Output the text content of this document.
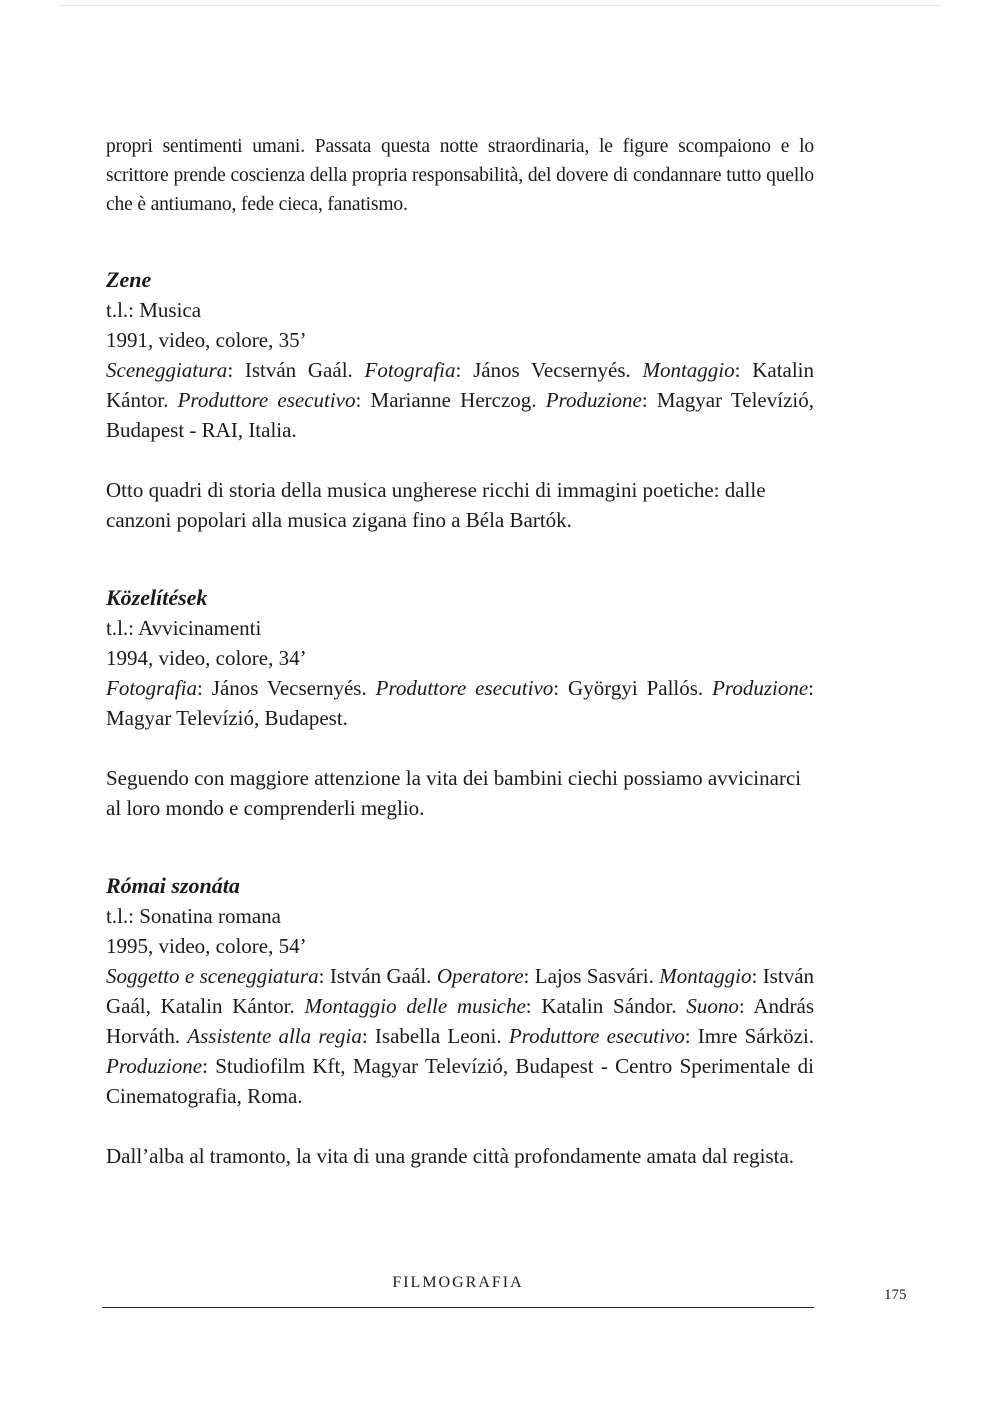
propri sentimenti umani. Passata questa notte straordinaria, le figure scompaiono e lo scrittore prende coscienza della propria responsabilità, del dovere di condannare tutto quello che è antiumano, fede cieca, fanatismo.

Zene
t.l.: Musica
1991, video, colore, 35’

Sceneggiatura: István Gaál. Fotografia: János Vecsernyés. Montaggio: Katalin Kántor. Produttore esecutivo: Marianne Herczog. Produzione: Magyar Televízió, Budapest - RAI, Italia.

Otto quadri di storia della musica ungherese ricchi di immagini poetiche: dalle canzoni popolari alla musica zigana fino a Béla Bartók.

Közelítések
t.l.: Avvicinamenti
1994, video, colore, 34’

Fotografia: János Vecsernyés. Produttore esecutivo: Györgyi Pallós. Produzione: Magyar Televízió, Budapest.

Seguendo con maggiore attenzione la vita dei bambini ciechi possiamo avvicinarci al loro mondo e comprenderli meglio.

Római szonáta
t.l.: Sonatina romana
1995, video, colore, 54’

Soggetto e sceneggiatura: István Gaál. Operatore: Lajos Sasvári. Montaggio: István Gaál, Katalin Kántor. Montaggio delle musiche: Katalin Sándor. Suono: András Horváth. Assistente alla regia: Isabella Leoni. Produttore esecutivo: Imre Sárközi. Produzione: Studiofilm Kft, Magyar Televízió, Budapest - Centro Sperimentale di Cinematografia, Roma.

Dall’alba al tramonto, la vita di una grande città profondamente amata dal regista.

FILMOGRAFIA
175
